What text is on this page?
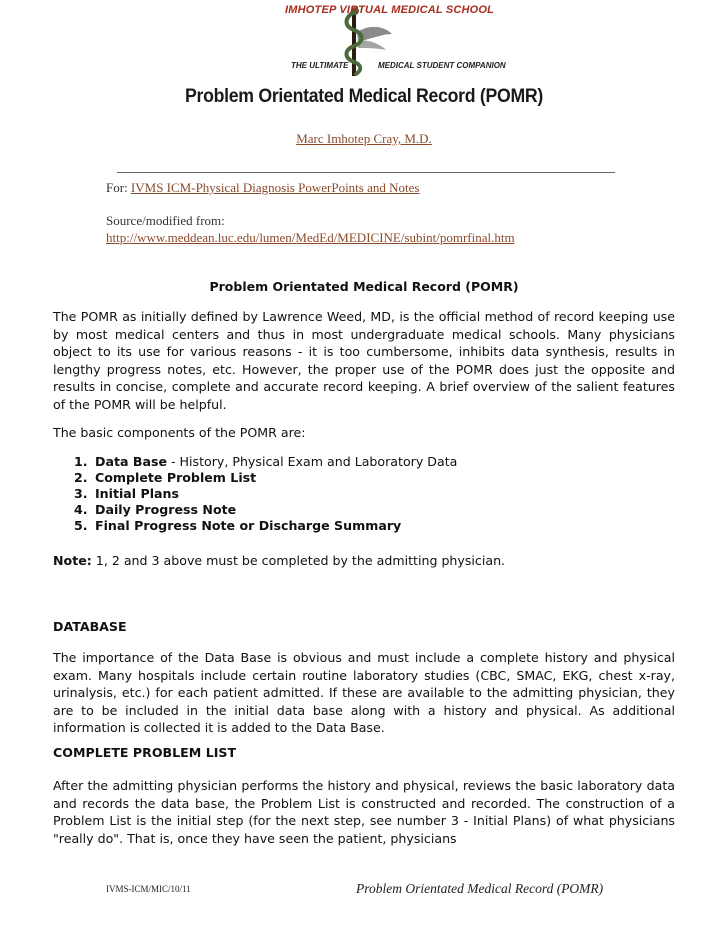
IMHOTEP VIRTUAL MEDICAL SCHOOL
THE ULTIMATE	MEDICAL STUDENT COMPANION
Problem Orientated Medical Record (POMR)
Marc Imhotep Cray, M.D.
For: IVMS ICM-Physical Diagnosis PowerPoints and Notes
Source/modified from:
http://www.meddean.luc.edu/lumen/MedEd/MEDICINE/subint/pomrfinal.htm
Problem Orientated Medical Record (POMR)

The POMR as initially defined by Lawrence Weed, MD, is the official method of record keeping use by most medical centers and thus in most undergraduate medical schools. Many physicians object to its use for various reasons - it is too cumbersome, inhibits data synthesis, results in lengthy progress notes, etc. However, the proper use of the POMR does just the opposite and results in concise, complete and accurate record keeping. A brief overview of the salient features of the POMR will be helpful.

The basic components of the POMR are:

1. Data Base - History, Physical Exam and Laboratory Data
2. Complete Problem List
3. Initial Plans
4. Daily Progress Note
5. Final Progress Note or Discharge Summary
Note: 1, 2 and 3 above must be completed by the admitting physician.
DATABASE

The importance of the Data Base is obvious and must include a complete history and physical exam. Many hospitals include certain routine laboratory studies (CBC, SMAC, EKG, chest x-ray, urinalysis, etc.) for each patient admitted. If these are available to the admitting physician, they are to be included in the initial data base along with a history and physical. As additional information is collected it is added to the Data Base.

COMPLETE PROBLEM LIST

After the admitting physician performs the history and physical, reviews the basic laboratory data and records the data base, the Problem List is constructed and recorded. The construction of a Problem List is the initial step (for the next step, see number 3 - Initial Plans) of what physicians "really do". That is, once they have seen the patient, physicians

IVMS-ICM/MIC/10/11	Problem Orientated Medical Record (POMR)
